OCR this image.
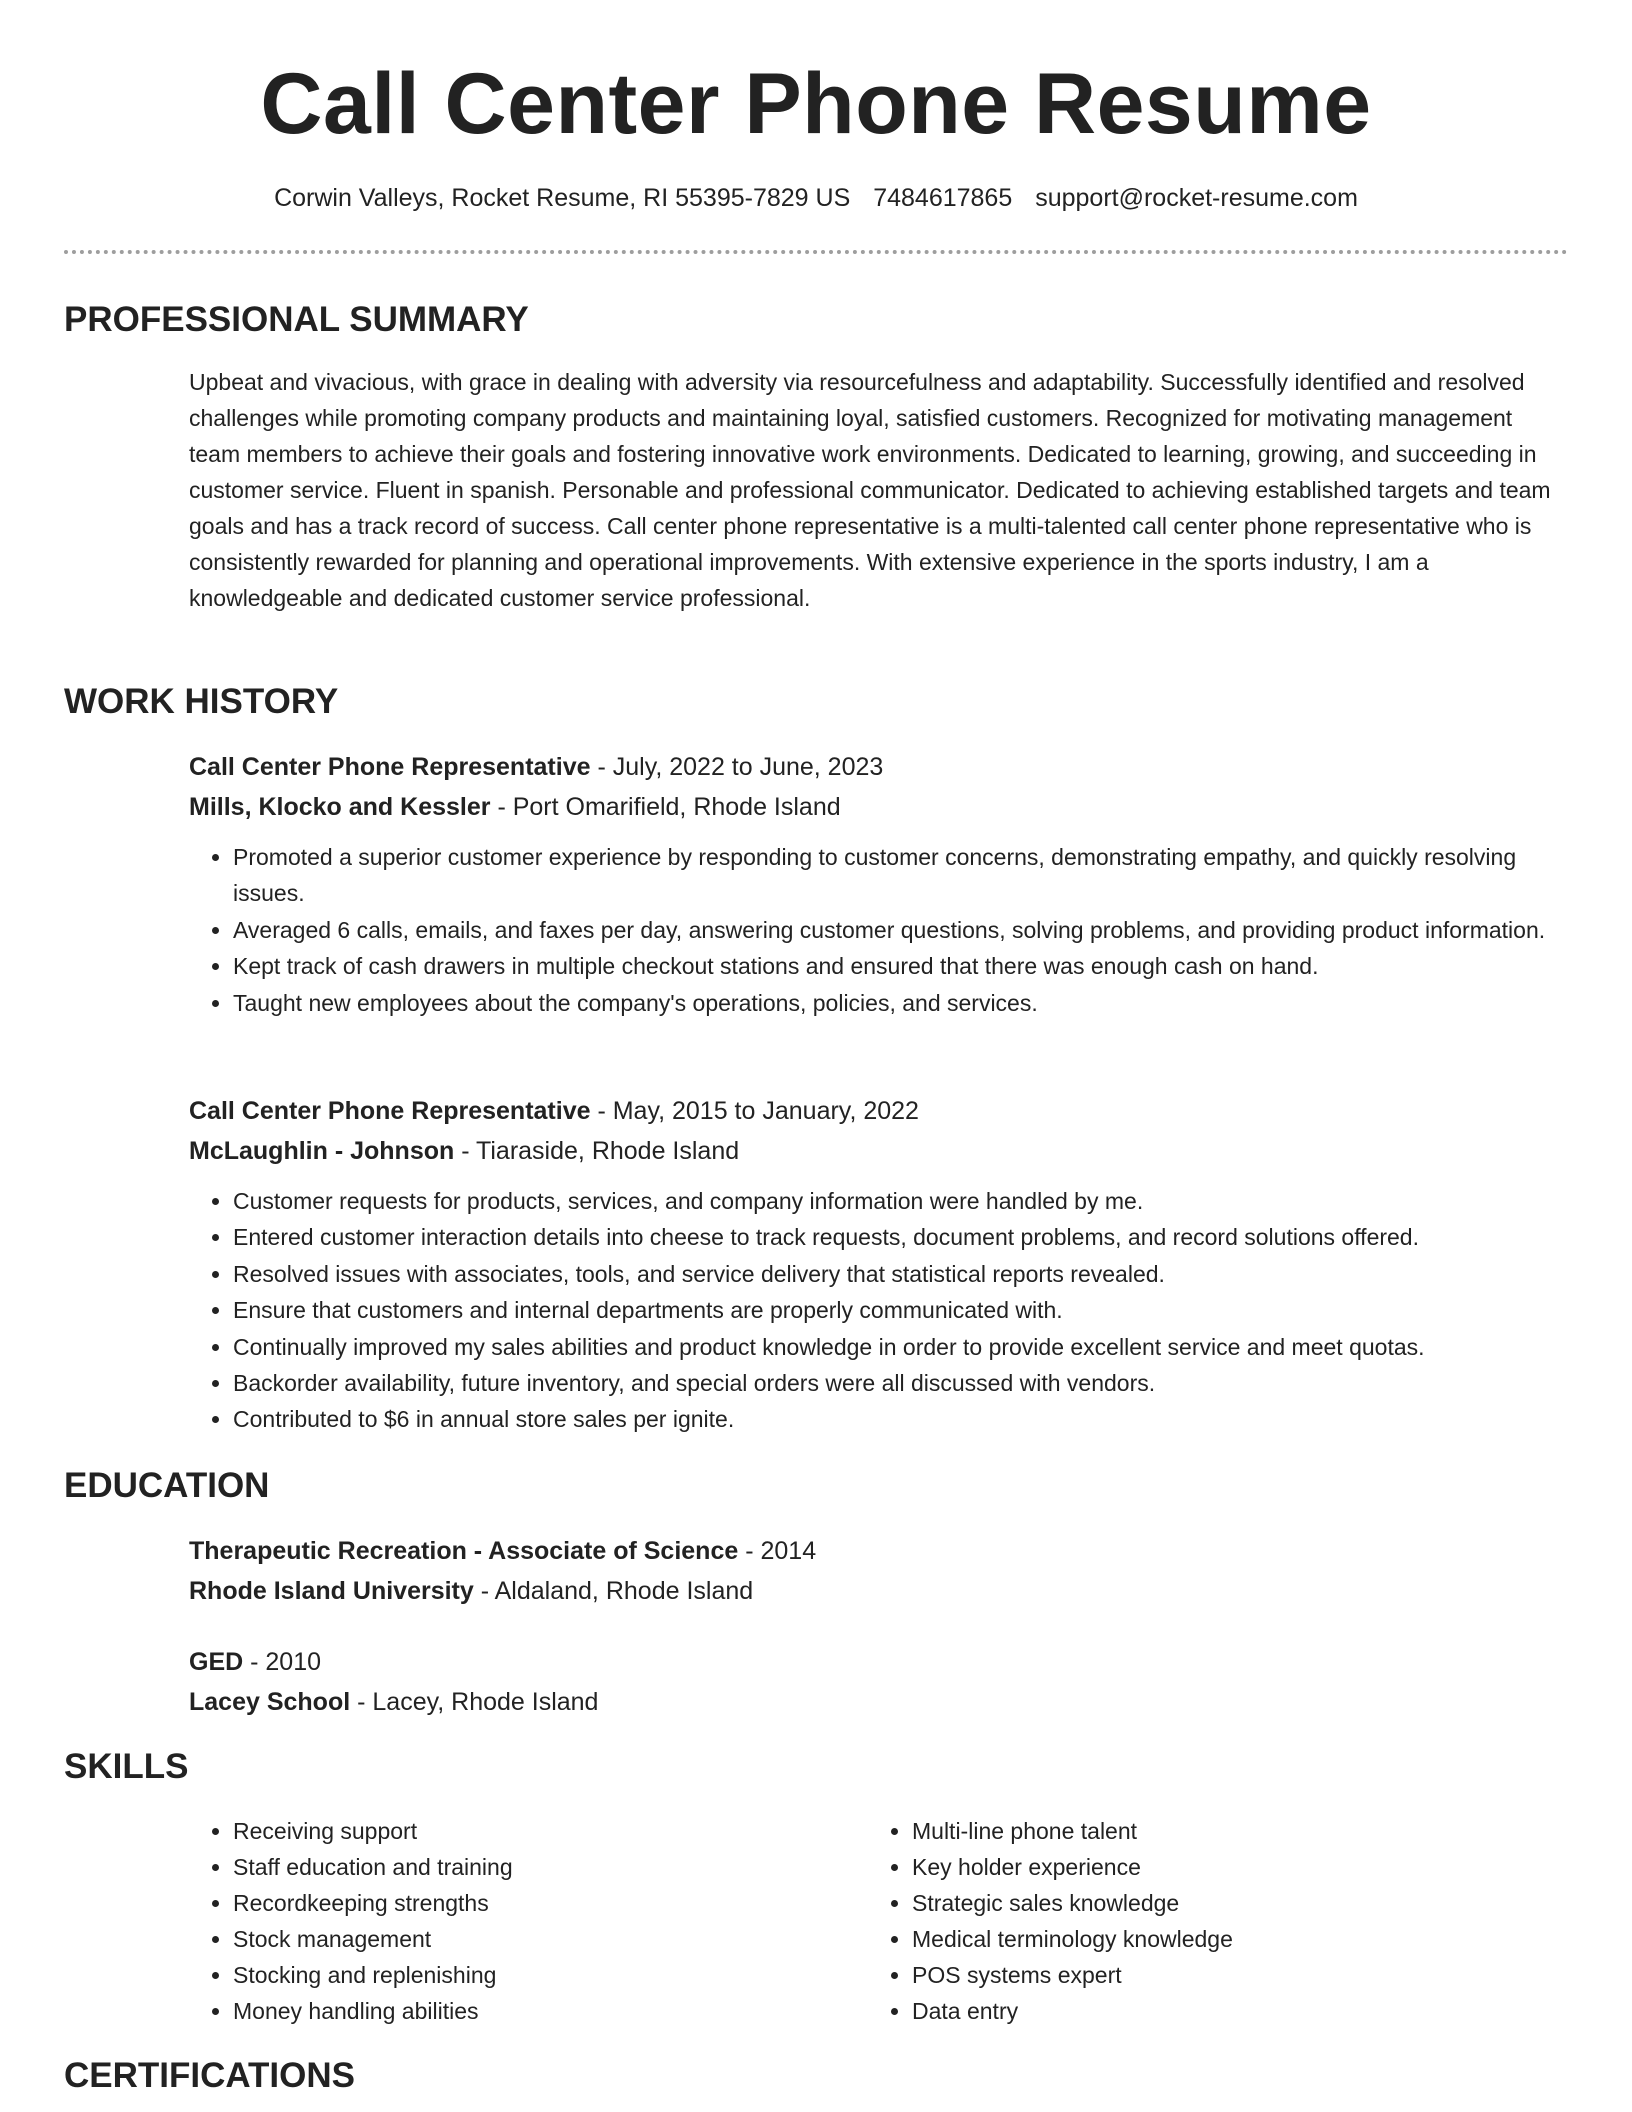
Call Center Phone Resume
Corwin Valleys, Rocket Resume, RI 55395-7829 US 7484617865 support@rocket-resume.com
PROFESSIONAL SUMMARY
Upbeat and vivacious, with grace in dealing with adversity via resourcefulness and adaptability. Successfully identified and resolved challenges while promoting company products and maintaining loyal, satisfied customers. Recognized for motivating management team members to achieve their goals and fostering innovative work environments. Dedicated to learning, growing, and succeeding in customer service. Fluent in spanish. Personable and professional communicator. Dedicated to achieving established targets and team goals and has a track record of success. Call center phone representative is a multi-talented call center phone representative who is consistently rewarded for planning and operational improvements. With extensive experience in the sports industry, I am a knowledgeable and dedicated customer service professional.
WORK HISTORY
Call Center Phone Representative - July, 2022 to June, 2023
Mills, Klocko and Kessler - Port Omarifield, Rhode Island
• Promoted a superior customer experience by responding to customer concerns, demonstrating empathy, and quickly resolving issues.
• Averaged 6 calls, emails, and faxes per day, answering customer questions, solving problems, and providing product information.
• Kept track of cash drawers in multiple checkout stations and ensured that there was enough cash on hand.
• Taught new employees about the company's operations, policies, and services.
Call Center Phone Representative - May, 2015 to January, 2022
McLaughlin - Johnson - Tiaraside, Rhode Island
• Customer requests for products, services, and company information were handled by me.
• Entered customer interaction details into cheese to track requests, document problems, and record solutions offered.
• Resolved issues with associates, tools, and service delivery that statistical reports revealed.
• Ensure that customers and internal departments are properly communicated with.
• Continually improved my sales abilities and product knowledge in order to provide excellent service and meet quotas.
• Backorder availability, future inventory, and special orders were all discussed with vendors.
• Contributed to $6 in annual store sales per ignite.
EDUCATION
Therapeutic Recreation - Associate of Science - 2014
Rhode Island University - Aldaland, Rhode Island
GED - 2010
Lacey School - Lacey, Rhode Island
SKILLS
• Receiving support
• Staff education and training
• Recordkeeping strengths
• Stock management
• Stocking and replenishing
• Money handling abilities
• Multi-line phone talent
• Key holder experience
• Strategic sales knowledge
• Medical terminology knowledge
• POS systems expert
• Data entry
CERTIFICATIONS
